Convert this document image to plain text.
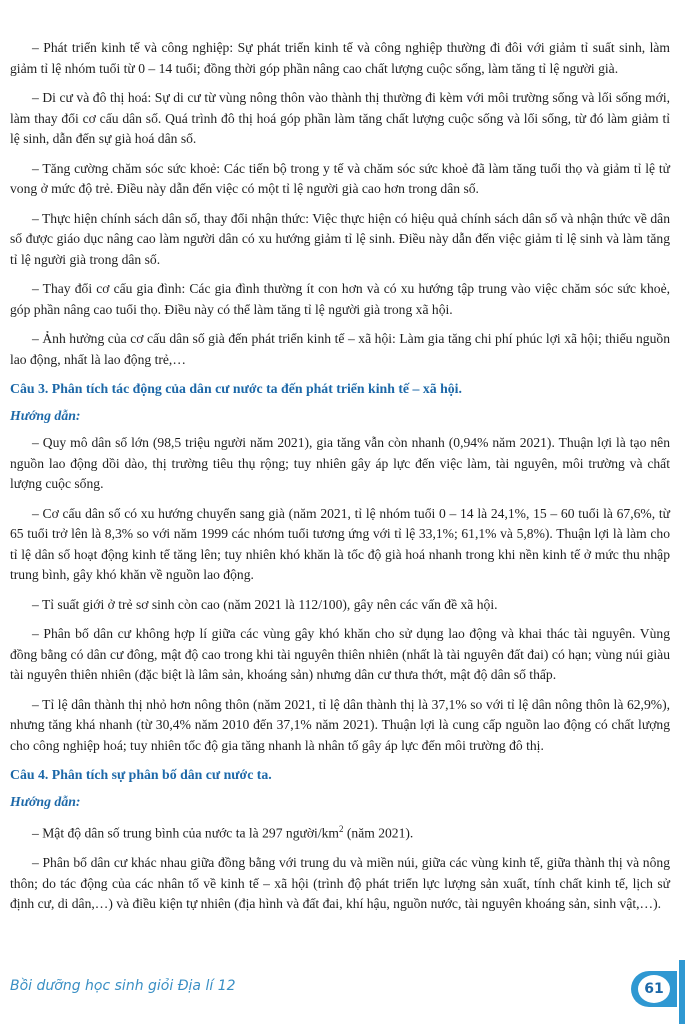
– Phát triển kinh tế và công nghiệp: Sự phát triển kinh tế và công nghiệp thường đi đôi với giảm tỉ suất sinh, làm giảm tỉ lệ nhóm tuổi từ 0 – 14 tuổi; đồng thời góp phần nâng cao chất lượng cuộc sống, làm tăng tỉ lệ người già.

– Di cư và đô thị hoá: Sự di cư từ vùng nông thôn vào thành thị thường đi kèm với môi trường sống và lối sống mới, làm thay đổi cơ cấu dân số. Quá trình đô thị hoá góp phần làm tăng chất lượng cuộc sống và lối sống, từ đó làm giảm tỉ lệ sinh, dẫn đến sự già hoá dân số.

– Tăng cường chăm sóc sức khoẻ: Các tiến bộ trong y tế và chăm sóc sức khoẻ đã làm tăng tuổi thọ và giảm tỉ lệ tử vong ở mức độ trẻ. Điều này dẫn đến việc có một tỉ lệ người già cao hơn trong dân số.

– Thực hiện chính sách dân số, thay đổi nhận thức: Việc thực hiện có hiệu quả chính sách dân số và nhận thức về dân số được giáo dục nâng cao làm người dân có xu hướng giảm tỉ lệ sinh. Điều này dẫn đến việc giảm tỉ lệ sinh và làm tăng tỉ lệ người già trong dân số.

– Thay đổi cơ cấu gia đình: Các gia đình thường ít con hơn và có xu hướng tập trung vào việc chăm sóc sức khoẻ, góp phần nâng cao tuổi thọ. Điều này có thể làm tăng tỉ lệ người già trong xã hội.

– Ảnh hưởng của cơ cấu dân số già đến phát triển kinh tế – xã hội: Làm gia tăng chi phí phúc lợi xã hội; thiếu nguồn lao động, nhất là lao động trẻ,…

Câu 3. Phân tích tác động của dân cư nước ta đến phát triển kinh tế – xã hội.

Hướng dẫn:

– Quy mô dân số lớn (98,5 triệu người năm 2021), gia tăng vẫn còn nhanh (0,94% năm 2021). Thuận lợi là tạo nên nguồn lao động dồi dào, thị trường tiêu thụ rộng; tuy nhiên gây áp lực đến việc làm, tài nguyên, môi trường và chất lượng cuộc sống.

– Cơ cấu dân số có xu hướng chuyển sang già (năm 2021, tỉ lệ nhóm tuổi 0 – 14 là 24,1%, 15 – 60 tuổi là 67,6%, từ 65 tuổi trở lên là 8,3% so với năm 1999 các nhóm tuổi tương ứng với tỉ lệ 33,1%; 61,1% và 5,8%). Thuận lợi là làm cho tỉ lệ dân số hoạt động kinh tế tăng lên; tuy nhiên khó khăn là tốc độ già hoá nhanh trong khi nền kinh tế ở mức thu nhập trung bình, gây khó khăn về nguồn lao động.

– Tỉ suất giới ở trẻ sơ sinh còn cao (năm 2021 là 112/100), gây nên các vấn đề xã hội.

– Phân bố dân cư không hợp lí giữa các vùng gây khó khăn cho sử dụng lao động và khai thác tài nguyên. Vùng đồng bằng có dân cư đông, mật độ cao trong khi tài nguyên thiên nhiên (nhất là tài nguyên đất đai) có hạn; vùng núi giàu tài nguyên thiên nhiên (đặc biệt là lâm sản, khoáng sản) nhưng dân cư thưa thớt, mật độ dân số thấp.

– Tỉ lệ dân thành thị nhỏ hơn nông thôn (năm 2021, tỉ lệ dân thành thị là 37,1% so với tỉ lệ dân nông thôn là 62,9%), nhưng tăng khá nhanh (từ 30,4% năm 2010 đến 37,1% năm 2021). Thuận lợi là cung cấp nguồn lao động có chất lượng cho công nghiệp hoá; tuy nhiên tốc độ gia tăng nhanh là nhân tố gây áp lực đến môi trường đô thị.

Câu 4. Phân tích sự phân bố dân cư nước ta.

Hướng dẫn:

– Mật độ dân số trung bình của nước ta là 297 người/$km^2$ (năm 2021).

– Phân bố dân cư khác nhau giữa đồng bằng với trung du và miền núi, giữa các vùng kinh tế, giữa thành thị và nông thôn; do tác động của các nhân tố về kinh tế – xã hội (trình độ phát triển lực lượng sản xuất, tính chất kinh tế, lịch sử định cư, di dân,…) và điều kiện tự nhiên (địa hình và đất đai, khí hậu, nguồn nước, tài nguyên khoáng sản, sinh vật,…).

Bồi dưỡng học sinh giỏi Địa lí 12	61
